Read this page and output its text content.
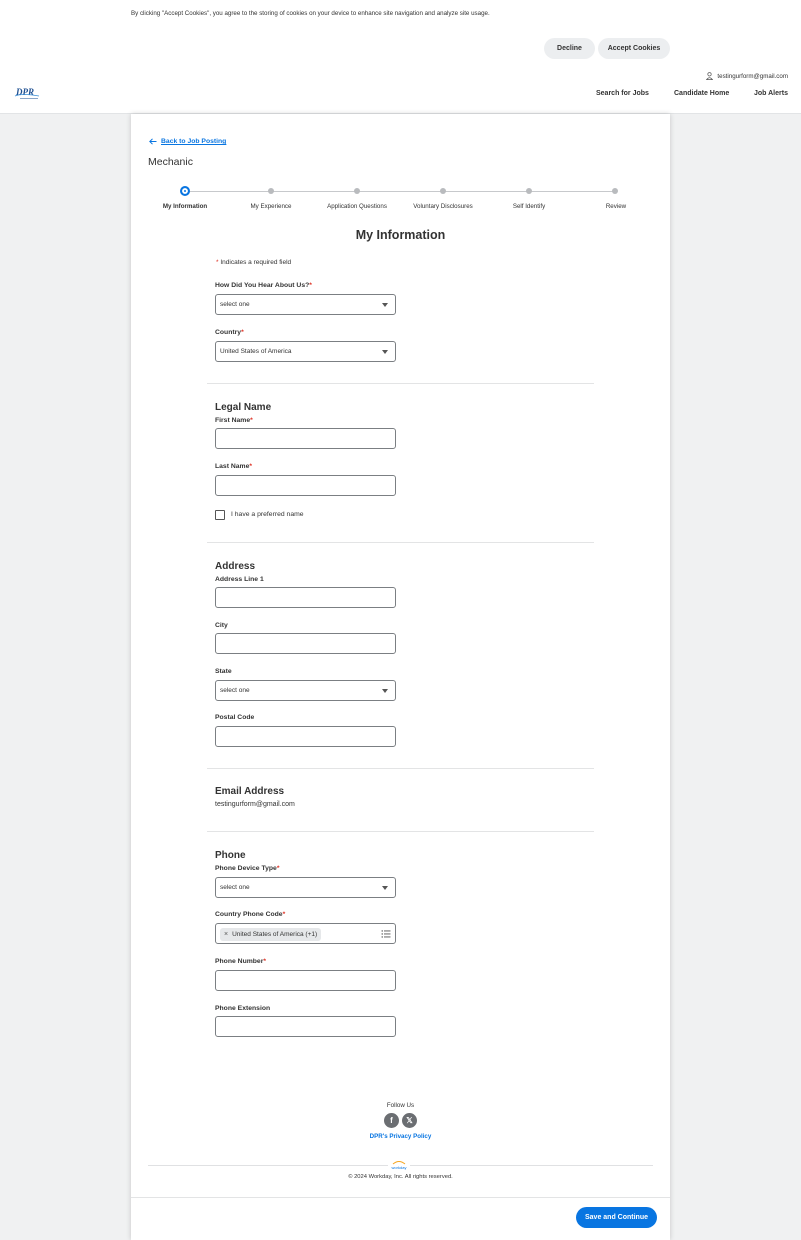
By clicking "Accept Cookies", you agree to the storing of cookies on your device to enhance site navigation and analyze site usage.
Decline	Accept Cookies
DPR
testingurform@gmail.com
Search for Jobs	Candidate Home	Job Alerts
Back to Job Posting
Mechanic
My Information	My Experience	Application Questions	Voluntary Disclosures	Self Identify	Review
My Information
* Indicates a required field
How Did You Hear About Us?*
select one
Country*
United States of America
Legal Name
First Name*
Last Name*
I have a preferred name
Address
Address Line 1
City
State
select one
Postal Code
Email Address
testingurform@gmail.com
Phone
Phone Device Type*
select one
Country Phone Code*
× United States of America (+1)
Phone Number*
Phone Extension
Follow Us
f	𝕏
DPR's Privacy Policy
workday
© 2024 Workday, Inc. All rights reserved.
Save and Continue
